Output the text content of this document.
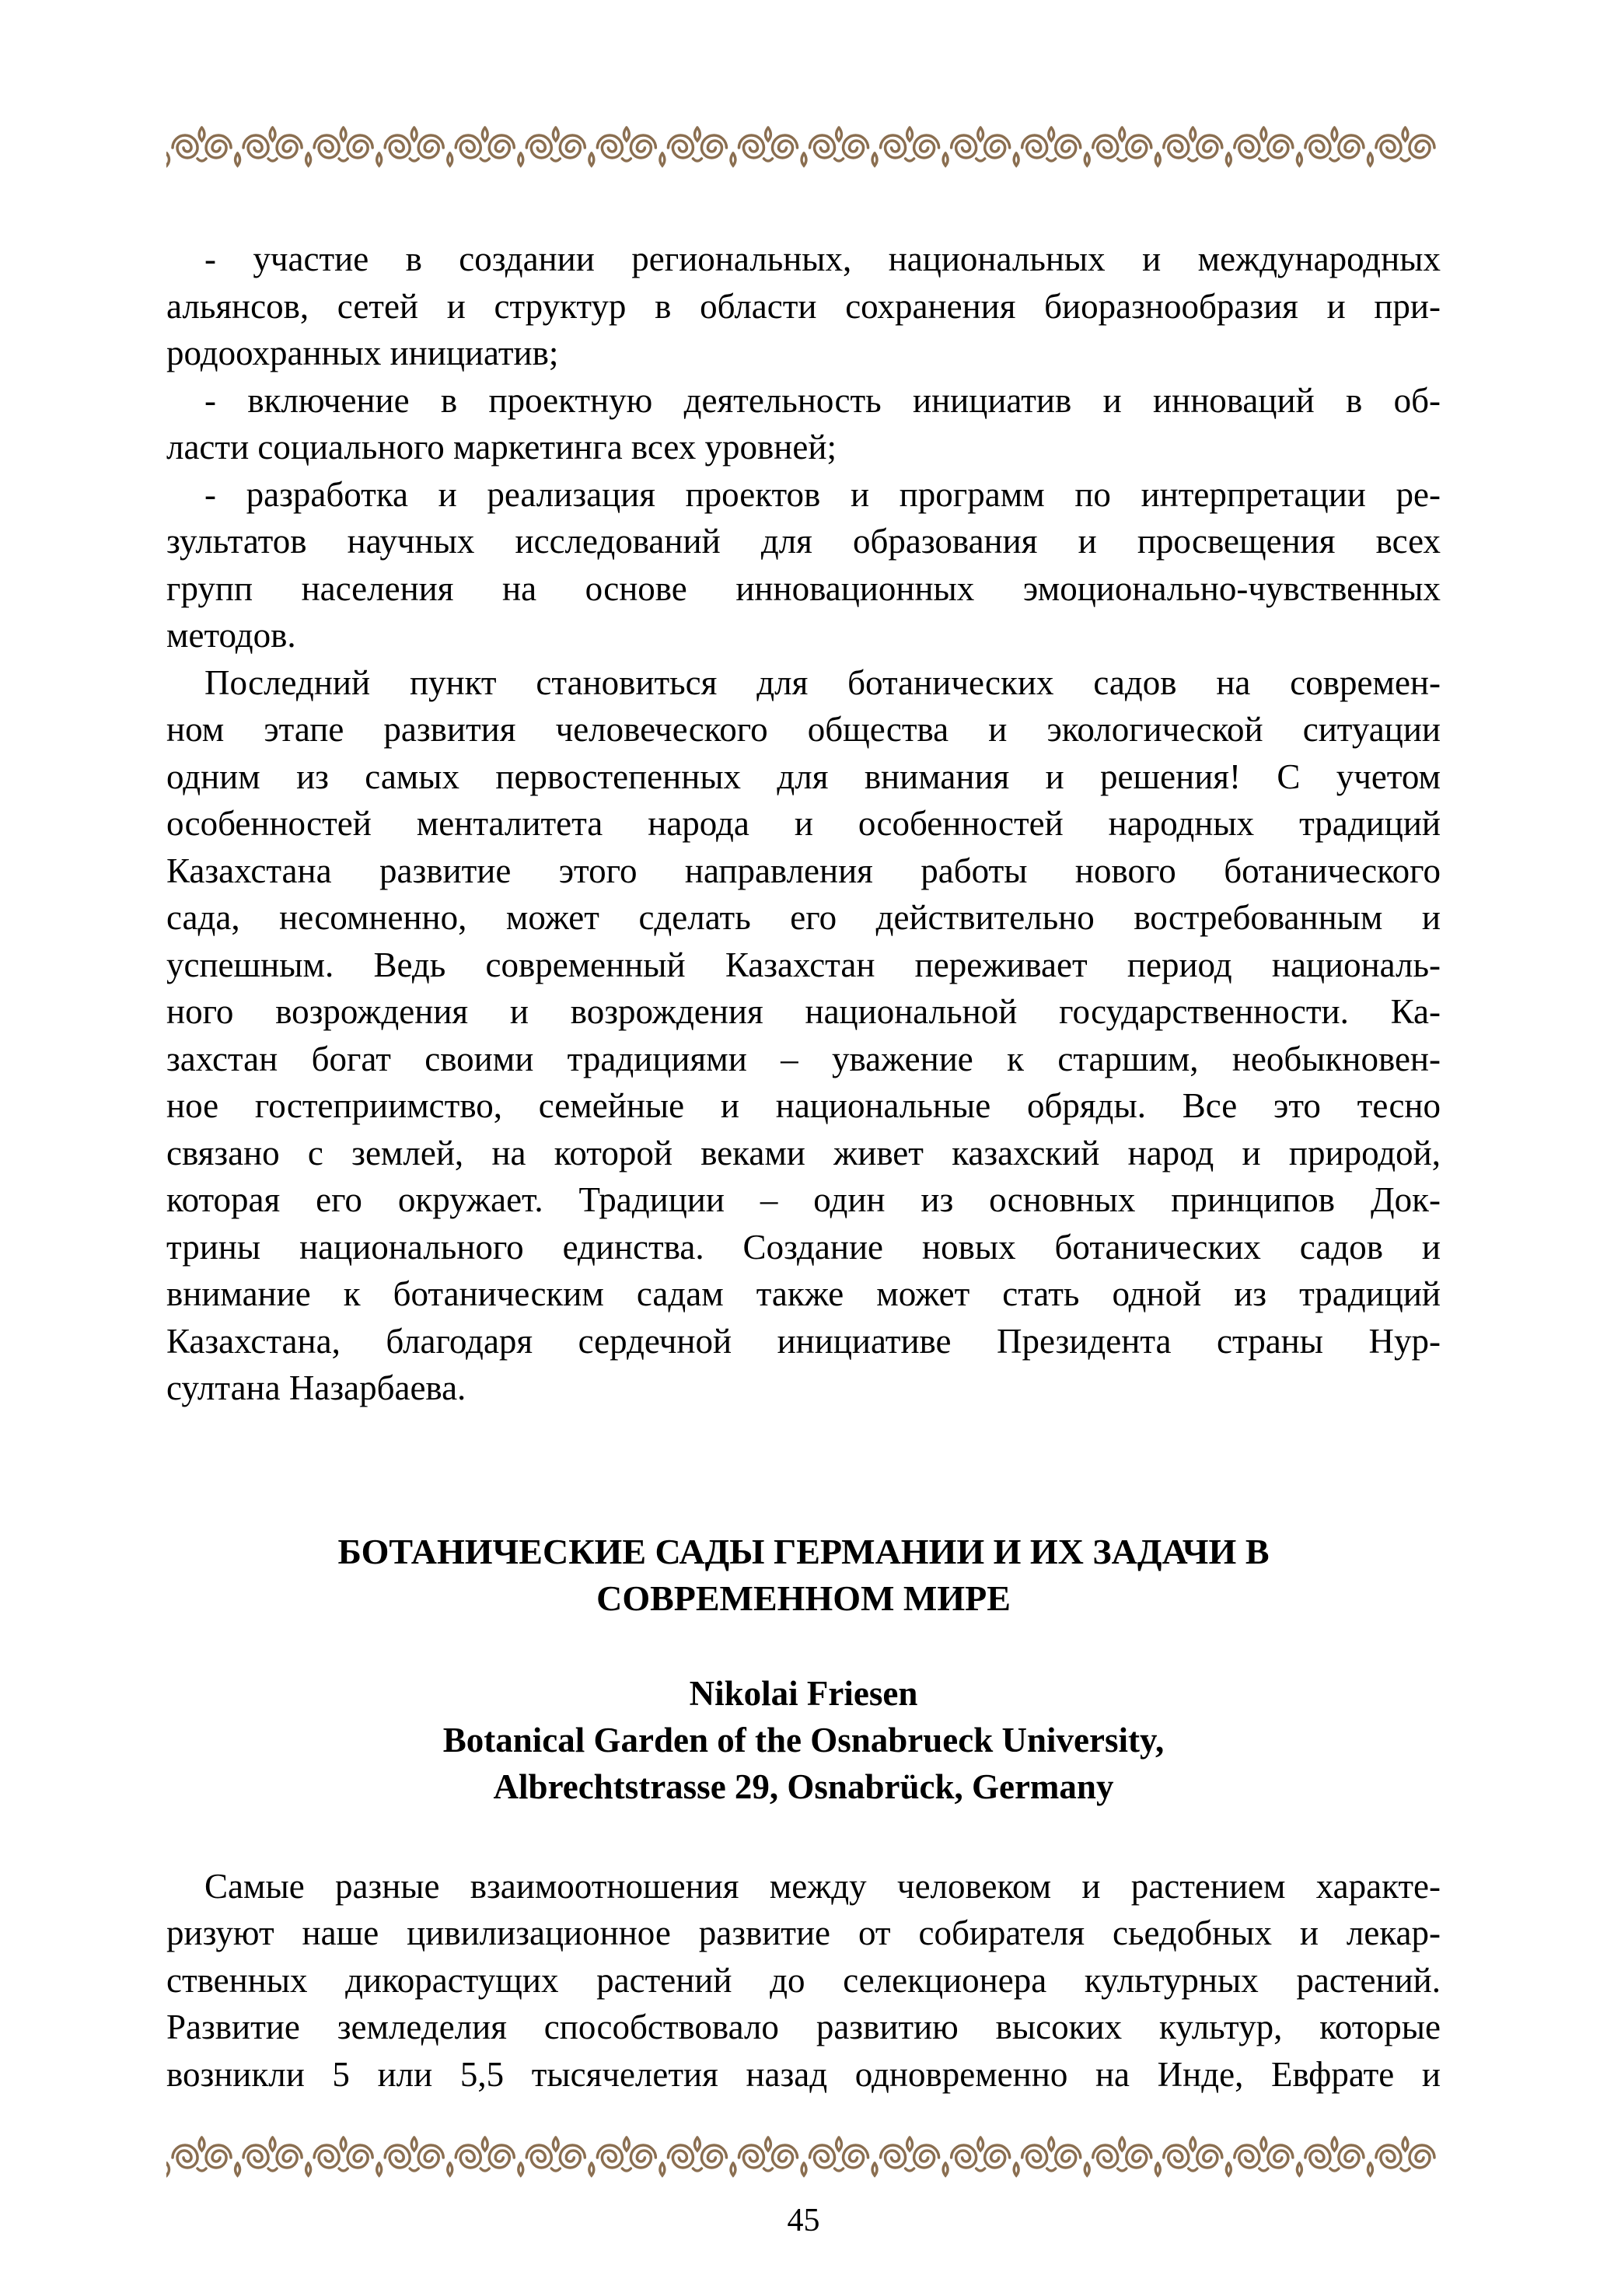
- участие в создании региональных, национальных и международных
альянсов, сетей и структур в области сохранения биоразнообразия и при-
родоохранных инициатив;
- включение в проектную деятельность инициатив и инноваций в об-
ласти социального маркетинга всех уровней;
- разработка и реализация проектов и программ по интерпретации ре-
зультатов научных исследований для образования и просвещения всех
групп населения на основе инновационных эмоционально-чувственных
методов.
Последний пункт становиться для ботанических садов на современ-
ном этапе развития человеческого общества и экологической ситуации
одним из самых первостепенных для внимания и решения! С учетом
особенностей менталитета народа и особенностей народных традиций
Казахстана развитие этого направления работы нового ботанического
сада, несомненно, может сделать его действительно востребованным и
успешным. Ведь современный Казахстан переживает период националь-
ного возрождения и возрождения национальной государственности. Ка-
захстан богат своими традициями – уважение к старшим, необыкновен-
ное гостеприимство, семейные и национальные обряды. Все это тесно
связано с землей, на которой веками живет казахский народ и природой,
которая его окружает. Традиции – один из основных принципов Док-
трины национального единства. Создание новых ботанических садов и
внимание к ботаническим садам также может стать одной из традиций
Казахстана, благодаря сердечной инициативе Президента страны Нур-
султана Назарбаева.
БОТАНИЧЕСКИЕ САДЫ ГЕРМАНИИ И ИХ ЗАДАЧИ В
СОВРЕМЕННОМ МИРЕ
Nikolai Friesen
Botanical Garden of the Osnabrueck University,
Albrechtstrasse 29, Osnabrück, Germany
Самые разные взаимоотношения между человеком и растением характе-
ризуют наше цивилизационное развитие от собирателя сьедобных и лекар-
ственных дикорастущих растений до селекционера культурных растений.
Развитие земледелия способствовало развитию высоких культур, которые
возникли 5 или 5,5 тысячелетия назад одновременно на Инде, Евфрате и
45
